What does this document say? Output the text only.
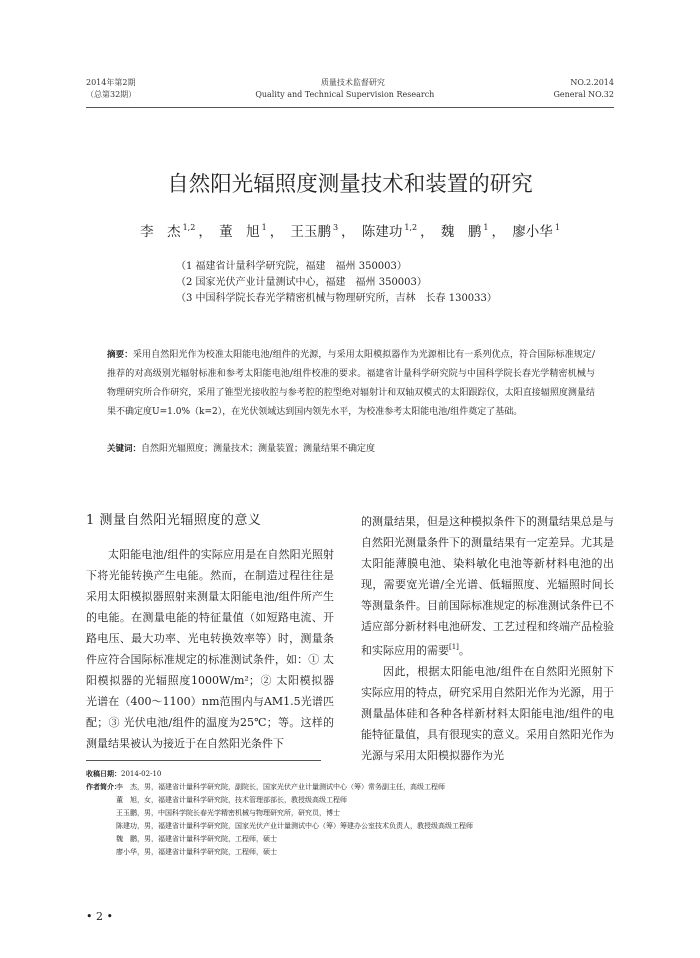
2014年第2期	质量技术监督研究	NO.2.2014
（总第32期）	Quality and Technical Supervision Research	General NO.32
自然阳光辐照度测量技术和装置的研究
李　杰 $^{1,2}$ ， 董　旭 $^1$ ， 王玉鹏 $^3$ ， 陈建功 $^{1,2}$ ， 魏　鹏 $^1$ ， 廖小华 $^1$
（1 福建省计量科学研究院，福建　福州 350003）
（2 国家光伏产业计量测试中心，福建　福州 350003）
（3 中国科学院长春光学精密机械与物理研究所，吉林　长春 130033）
摘要：采用自然阳光作为校准太阳能电池/组件的光源，与采用太阳模拟器作为光源相比有一系列优点，符合国际标准规定/推荐的对高级别光辐射标准和参考太阳能电池/组件校准的要求。福建省计量科学研究院与中国科学院长春光学精密机械与物理研究所合作研究，采用了锥型光接收腔与参考腔的腔型绝对辐射计和双轴双模式的太阳跟踪仪，太阳直接辐照度测量结果不确定度U=1.0%（k=2），在光伏领域达到国内领先水平，为校准参考太阳能电池/组件奠定了基础。
关键词：自然阳光辐照度；测量技术；测量装置；测量结果不确定度
1 测量自然阳光辐照度的意义

太阳能电池/组件的实际应用是在自然阳光照射下将光能转换产生电能。然而，在制造过程往往是采用太阳模拟器照射来测量太阳能电池/组件所产生的电能。在测量电能的特征量值（如短路电流、开路电压、最大功率、光电转换效率等）时，测量条件应符合国际标准规定的标准测试条件，如：① 太阳模拟器的光辐照度1000W/m²；② 太阳模拟器光谱在（400～1100）nm范围内与AM1.5光谱匹配；③ 光伏电池/组件的温度为25℃；等。这样的测量结果被认为接近于在自然阳光条件下

的测量结果，但是这种模拟条件下的测量结果总是与自然阳光测量条件下的测量结果有一定差异。尤其是太阳能薄膜电池、染料敏化电池等新材料电池的出现，需要宽光谱/全光谱、低辐照度、光辐照时间长等测量条件。目前国际标准规定的标准测试条件已不适应部分新材料电池研发、工艺过程和终端产品检验和实际应用的需要[1]。

因此，根据太阳能电池/组件在自然阳光照射下实际应用的特点，研究采用自然阳光作为光源，用于测量晶体硅和各种各样新材料太阳能电池/组件的电能特征量值，具有很现实的意义。采用自然阳光作为光源与采用太阳模拟器作为光

收稿日期：2014-02-10
作者简介：
李　杰，男，福建省计量科学研究院，副院长，国家光伏产业计量测试中心（筹）常务副主任，高级工程师
董　旭，女，福建省计量科学研究院，技术管理部部长，教授级高级工程师
王玉鹏，男，中国科学院长春光学精密机械与物理研究所，研究员，博士
陈建功，男，福建省计量科学研究院，国家光伏产业计量测试中心（筹）筹建办公室技术负责人，教授级高级工程师
魏　鹏，男，福建省计量科学研究院，工程师，硕士
廖小华，男，福建省计量科学研究院，工程师，硕士
• 2 •
